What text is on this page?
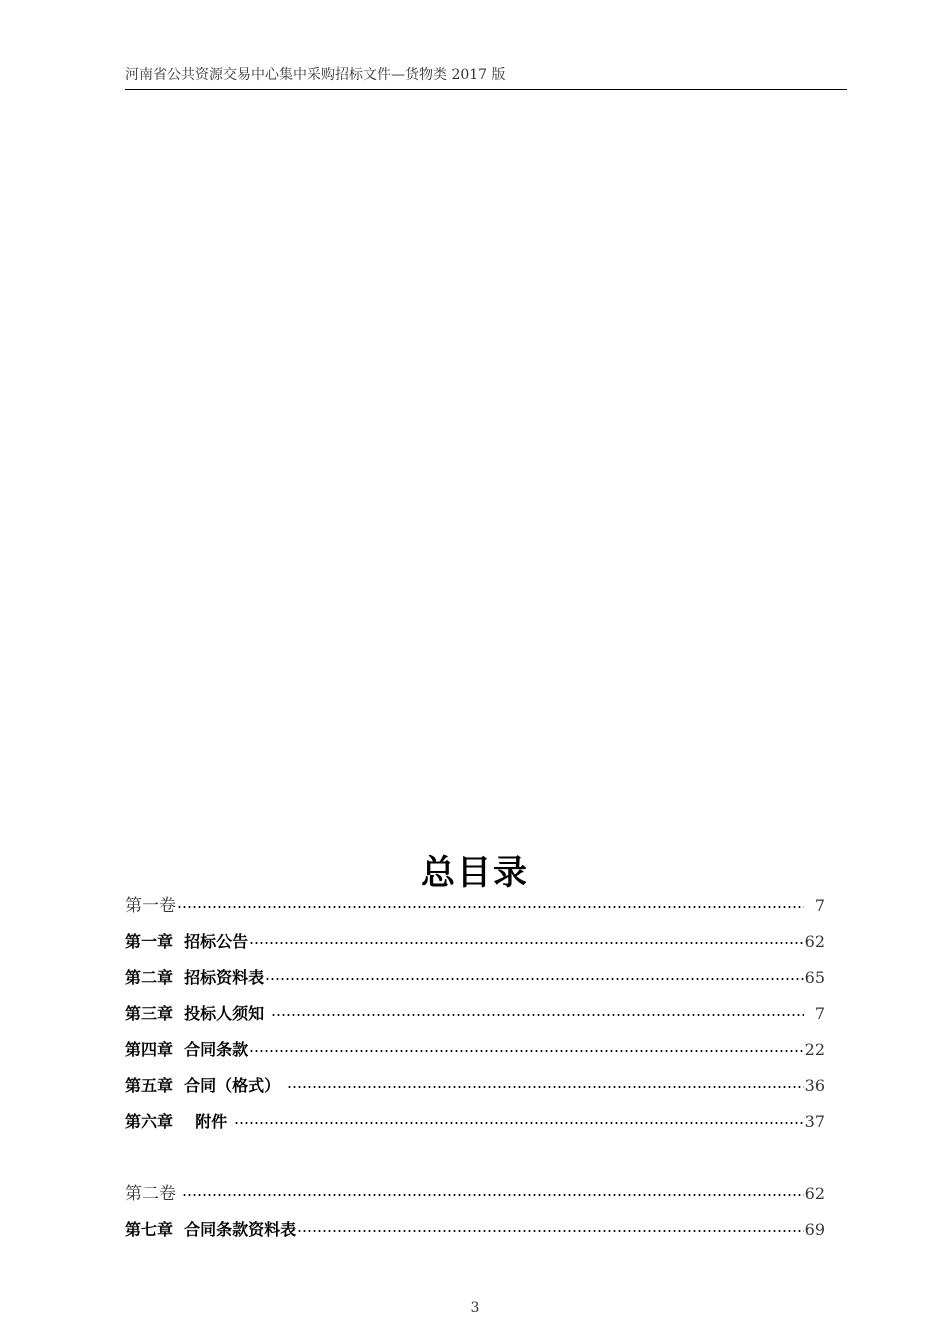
河南省公共资源交易中心集中采购招标文件—货物类 2017 版
总目录
第一卷	7
第一章  招标公告	62
第二章  招标资料表	65
第三章  投标人须知	7
第四章  合同条款	22
第五章  合同（格式）	36
第六章    附件	37
第二卷	62
第七章  合同条款资料表	69
3
